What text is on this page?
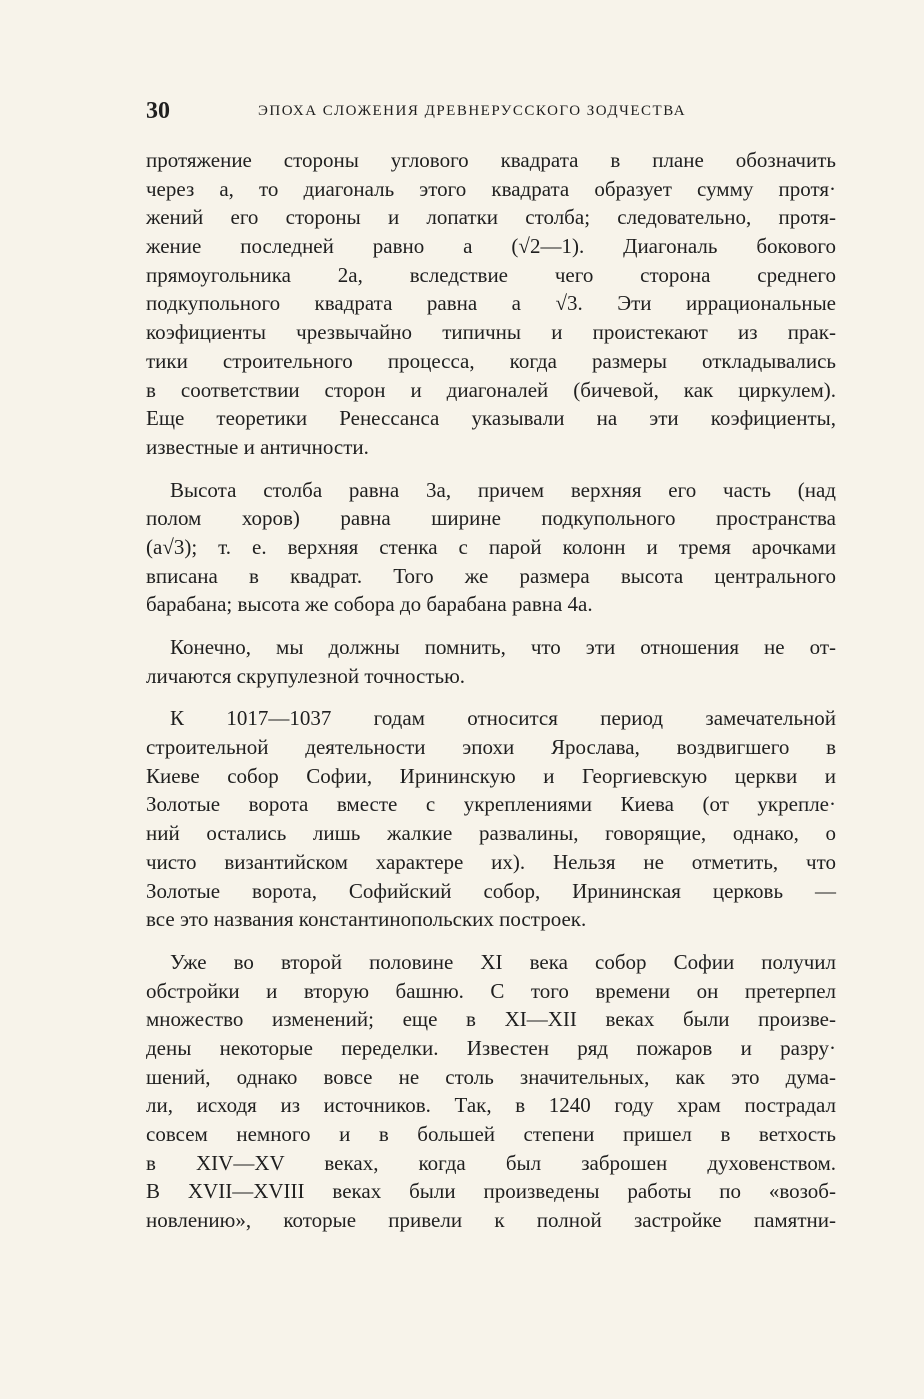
30	ЭПОХА СЛОЖЕНИЯ ДРЕВНЕРУССКОГО ЗОДЧЕСТВА
протяжение стороны углового квадрата в плане обозначить
через a, то диагональ этого квадрата образует сумму протя·
жений его стороны и лопатки столба; следовательно, протя-
жение последней равно a (√2—1). Диагональ бокового
прямоугольника 2a, вследствие чего сторона среднего
подкупольного квадрата равна a √3. Эти иррациональные
коэфициенты чрезвычайно типичны и проистекают из прак-
тики строительного процесса, когда размеры откладывались
в соответствии сторон и диагоналей (бичевой, как циркулем).
Еще теоретики Ренессанса указывали на эти коэфициенты,
известные и античности.
Высота столба равна 3a, причем верхняя его часть (над
полом хоров) равна ширине подкупольного пространства
(a√3); т. е. верхняя стенка с парой колонн и тремя арочками
вписана в квадрат. Того же размера высота центрального
барабана; высота же собора до барабана равна 4a.
Конечно, мы должны помнить, что эти отношения не от-
личаются скрупулезной точностью.
К 1017—1037 годам относится период замечательной
строительной деятельности эпохи Ярослава, воздвигшего в
Киеве собор Софии, Ирининскую и Георгиевскую церкви и
Золотые ворота вместе с укреплениями Киева (от укрепле·
ний остались лишь жалкие развалины, говорящие, однако, о
чисто византийском характере их). Нельзя не отметить, что
Золотые ворота, Софийский собор, Ирининская церковь —
все это названия константинопольских построек.
Уже во второй половине XI века собор Софии получил
обстройки и вторую башню. С того времени он претерпел
множество изменений; еще в XI—XII веках были произве-
дены некоторые переделки. Известен ряд пожаров и разру·
шений, однако вовсе не столь значительных, как это дума-
ли, исходя из источников. Так, в 1240 году храм пострадал
совсем немного и в большей степени пришел в ветхость
в XIV—XV веках, когда был заброшен духовенством.
В XVII—XVIII веках были произведены работы по «возоб-
новлению», которые привели к полной застройке памятни-
